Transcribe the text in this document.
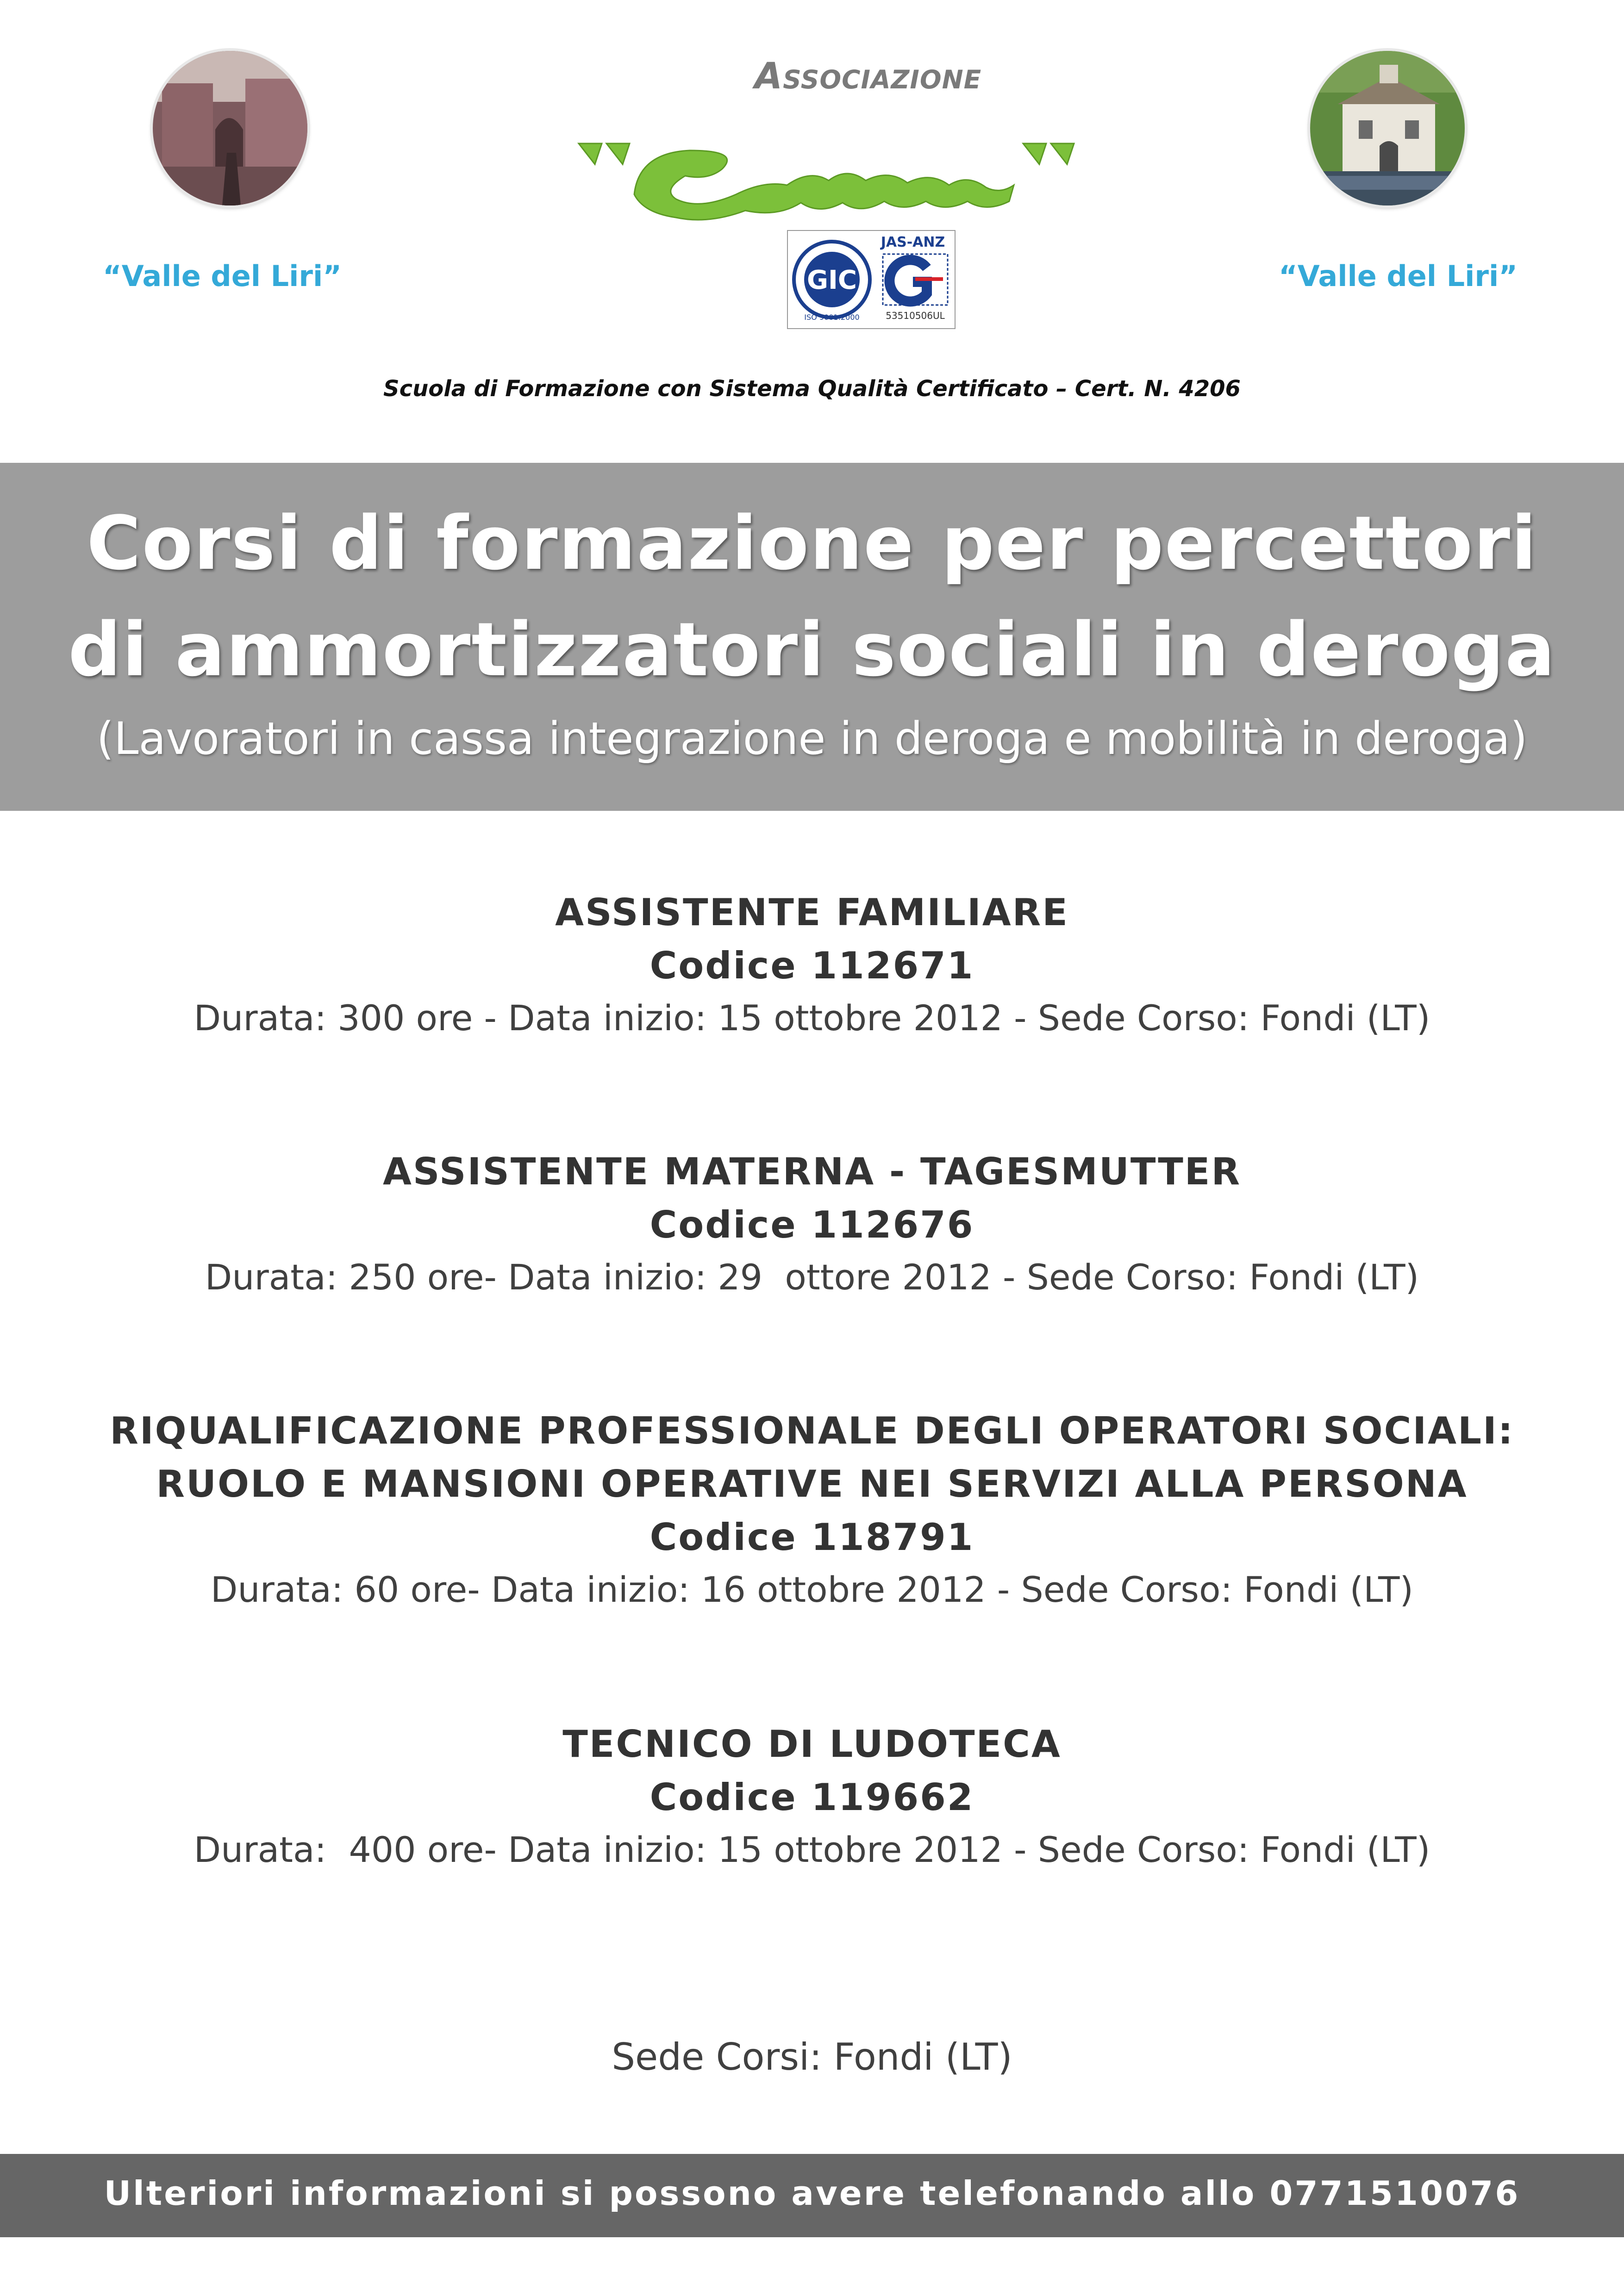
“Valle del Liri”	“Valle del Liri”
Associazione
GIC
ISO 9001:2000
JAS-ANZ
53510506UL
Scuola di Formazione con Sistema Qualità Certificato – Cert. N. 4206
Corsi di formazione per percettori
di ammortizzatori sociali in deroga
(Lavoratori in cassa integrazione in deroga e mobilità in deroga)
ASSISTENTE FAMILIARE
Codice 112671
Durata: 300 ore - Data inizio: 15 ottobre 2012 - Sede Corso: Fondi (LT)
ASSISTENTE MATERNA - TAGESMUTTER
Codice 112676
Durata: 250 ore- Data inizio: 29  ottore 2012 - Sede Corso: Fondi (LT)
RIQUALIFICAZIONE PROFESSIONALE DEGLI OPERATORI SOCIALI:
RUOLO E MANSIONI OPERATIVE NEI SERVIZI ALLA PERSONA
Codice 118791
Durata: 60 ore- Data inizio: 16 ottobre 2012 - Sede Corso: Fondi (LT)
TECNICO DI LUDOTECA
Codice 119662
Durata:  400 ore- Data inizio: 15 ottobre 2012 - Sede Corso: Fondi (LT)
Sede Corsi: Fondi (LT)
Ulteriori informazioni si possono avere telefonando allo 0771510076
